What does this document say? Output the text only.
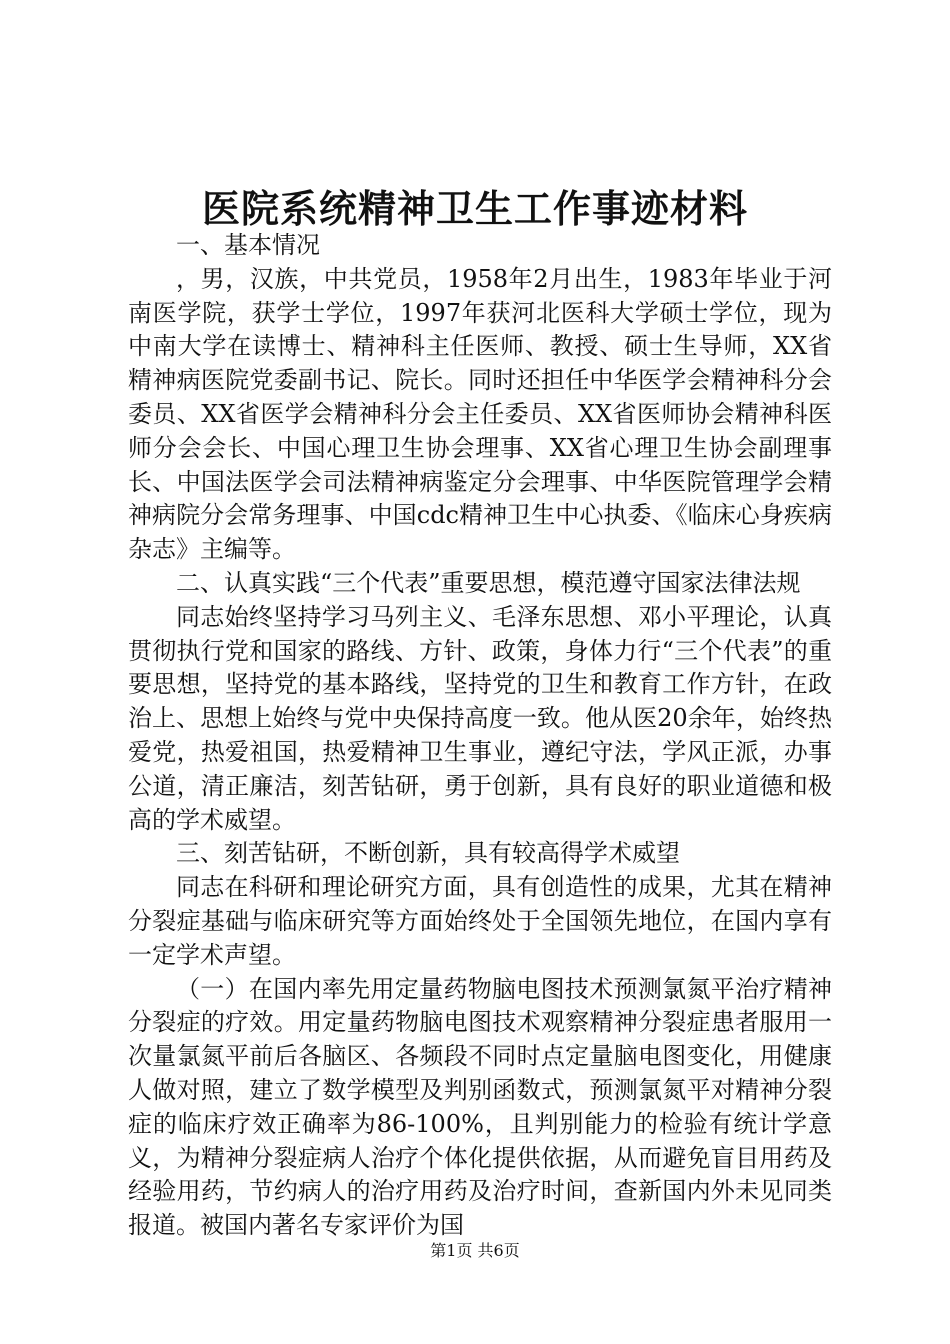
医院系统精神卫生工作事迹材料

一、基本情况

，男，汉族，中共党员，1958年2月出生，1983年毕业于河南医学院，获学士学位，1997年获河北医科大学硕士学位，现为中南大学在读博士、精神科主任医师、教授、硕士生导师，XX省精神病医院党委副书记、院长。同时还担任中华医学会精神科分会委员、XX省医学会精神科分会主任委员、XX省医师协会精神科医师分会会长、中国心理卫生协会理事、XX省心理卫生协会副理事长、中国法医学会司法精神病鉴定分会理事、中华医院管理学会精神病院分会常务理事、中国cdc精神卫生中心执委、《临床心身疾病杂志》主编等。

二、认真实践“三个代表”重要思想，模范遵守国家法律法规

同志始终坚持学习马列主义、毛泽东思想、邓小平理论，认真贯彻执行党和国家的路线、方针、政策，身体力行“三个代表”的重要思想，坚持党的基本路线，坚持党的卫生和教育工作方针，在政治上、思想上始终与党中央保持高度一致。他从医20余年，始终热爱党，热爱祖国，热爱精神卫生事业，遵纪守法，学风正派，办事公道，清正廉洁，刻苦钻研，勇于创新，具有良好的职业道德和极高的学术威望。

三、刻苦钻研，不断创新，具有较高得学术威望

同志在科研和理论研究方面，具有创造性的成果，尤其在精神分裂症基础与临床研究等方面始终处于全国领先地位，在国内享有一定学术声望。

（一）在国内率先用定量药物脑电图技术预测氯氮平治疗精神分裂症的疗效。用定量药物脑电图技术观察精神分裂症患者服用一次量氯氮平前后各脑区、各频段不同时点定量脑电图变化，用健康人做对照，建立了数学模型及判别函数式，预测氯氮平对精神分裂症的临床疗效正确率为86-100%，且判别能力的检验有统计学意义，为精神分裂症病人治疗个体化提供依据，从而避免盲目用药及经验用药，节约病人的治疗用药及治疗时间，查新国内外未见同类报道。被国内著名专家评价为国

第1页 共6页
